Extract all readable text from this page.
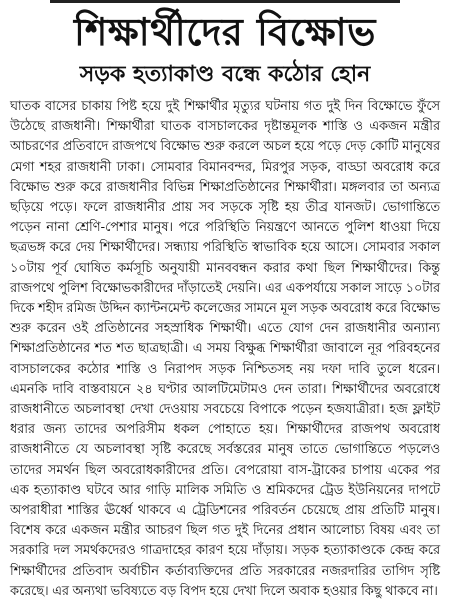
শিক্ষার্থীদের বিক্ষোভ
সড়ক হত্যাকাণ্ড বন্ধে কঠোর হোন
ঘাতক বাসের চাকায় পিষ্ট হয়ে দুই শিক্ষার্থীর মৃত্যুর ঘটনায় গত দুই দিন বিক্ষোভে ফুঁসে উঠেছে রাজধানী। শিক্ষার্থীরা ঘাতক বাসচালকের দৃষ্টান্তমূলক শাস্তি ও একজন মন্ত্রীর আচরণের প্রতিবাদে রাজপথে বিক্ষোভ শুরু করলে অচল হয়ে পড়ে দেড় কোটি মানুষের মেগা শহর রাজধানী ঢাকা। সোমবার বিমানবন্দর, মিরপুর সড়ক, বাড্ডা অবরোধ করে বিক্ষোভ শুরু করে রাজধানীর বিভিন্ন শিক্ষাপ্রতিষ্ঠানের শিক্ষার্থীরা। মঙ্গলবার তা অন্যত্র ছড়িয়ে পড়ে। ফলে রাজধানীর প্রায় সব সড়কে সৃষ্টি হয় তীব্র যানজট। ভোগান্তিতে পড়েন নানা শ্রেণি-পেশার মানুষ। পরে পরিস্থিতি নিয়ন্ত্রণে আনতে পুলিশ ধাওয়া দিয়ে ছত্রভঙ্গ করে দেয় শিক্ষার্থীদের। সন্ধ্যায় পরিস্থিতি স্বাভাবিক হয়ে আসে। সোমবার সকাল ১০টায় পূর্ব ঘোষিত কর্মসূচি অনুযায়ী মানববন্ধন করার কথা ছিল শিক্ষার্থীদের। কিন্তু রাজপথে পুলিশ বিক্ষোভকারীদের দাঁড়াতেই দেয়নি। এর একপর্যায়ে সকাল সাড়ে ১০টার দিকে শহীদ রমিজ উদ্দিন ক্যান্টনমেন্ট কলেজের সামনে মূল সড়ক অবরোধ করে বিক্ষোভ শুরু করেন ওই প্রতিষ্ঠানের সহস্রাধিক শিক্ষার্থী। এতে যোগ দেন রাজধানীর অন্যান্য শিক্ষাপ্রতিষ্ঠানের শত শত ছাত্রছাত্রী। এ সময় বিক্ষুব্ধ শিক্ষার্থীরা জাবালে নূর পরিবহনের বাসচালকের কঠোর শাস্তি ও নিরাপদ সড়ক নিশ্চিতসহ নয় দফা দাবি তুলে ধরেন। এমনকি দাবি বাস্তবায়নে ২৪ ঘণ্টার আলটিমেটামও দেন তারা। শিক্ষার্থীদের অবরোধে রাজধানীতে অচলাবস্থা দেখা দেওয়ায় সবচেয়ে বিপাকে পড়েন হজযাত্রীরা। হজ ফ্লাইট ধরার জন্য তাদের অপরিসীম ধকল পোহাতে হয়। শিক্ষার্থীদের রাজপথ অবরোধ রাজধানীতে যে অচলাবস্থা সৃষ্টি করেছে সর্বস্তরের মানুষ তাতে ভোগান্তিতে পড়লেও তাদের সমর্থন ছিল অবরোধকারীদের প্রতি। বেপরোয়া বাস-ট্রাকের চাপায় একের পর এক হত্যাকাণ্ড ঘটবে আর গাড়ি মালিক সমিতি ও শ্রমিকদের ট্রেড ইউনিয়নের দাপটে অপরাধীরা শাস্তির ঊর্ধ্বে থাকবে এ ট্রেডিশনের পরিবর্তন চেয়েছে প্রায় প্রতিটি মানুষ। বিশেষ করে একজন মন্ত্রীর আচরণ ছিল গত দুই দিনের প্রধান আলোচ্য বিষয় এবং তা সরকারি দল সমর্থকদেরও গাত্রদাহের কারণ হয়ে দাঁড়ায়। সড়ক হত্যাকাণ্ডকে কেন্দ্র করে শিক্ষার্থীদের প্রতিবাদ অর্বাচীন কর্তাব্যক্তিদের প্রতি সরকারের নজরদারির তাগিদ সৃষ্টি করেছে। এর অন্যথা ভবিষ্যতে বড় বিপদ হয়ে দেখা দিলে অবাক হওয়ার কিছু থাকবে না।
